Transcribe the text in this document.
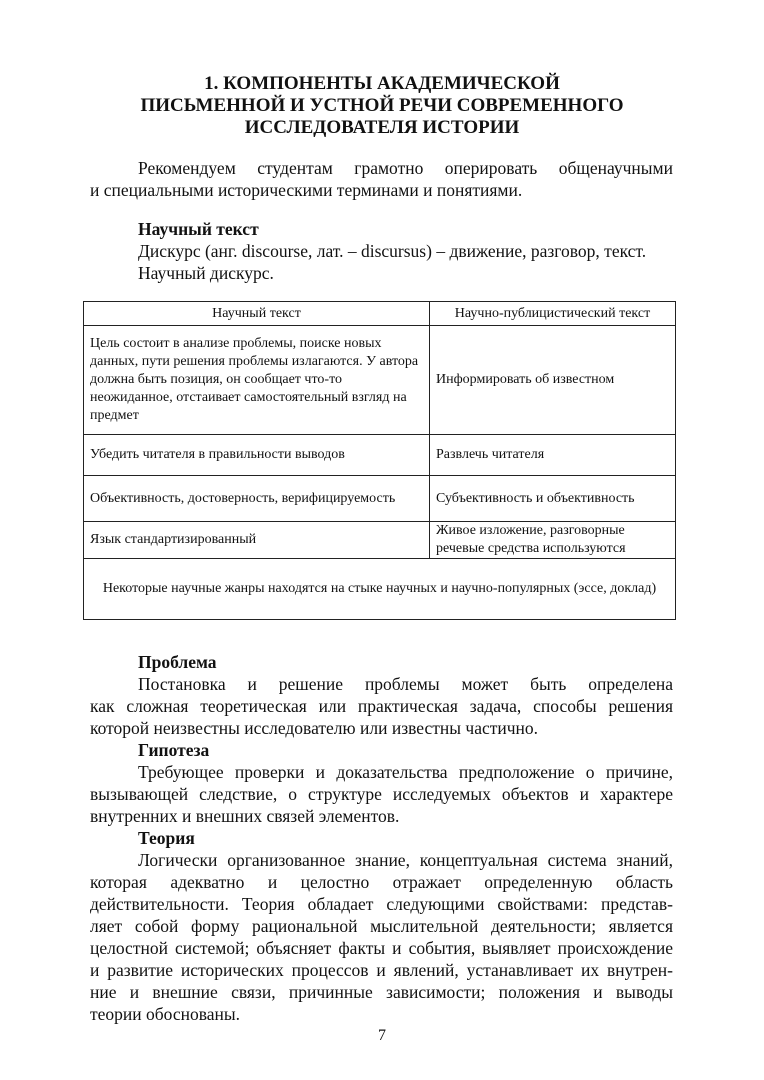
1. КОМПОНЕНТЫ АКАДЕМИЧЕСКОЙ
ПИСЬМЕННОЙ И УСТНОЙ РЕЧИ СОВРЕМЕННОГО
ИССЛЕДОВАТЕЛЯ ИСТОРИИ
Рекомендуем студентам грамотно оперировать общенаучными
и специальными историческими терминами и понятиями.
Научный текст
Дискурс (анг. discourse, лат. – discursus) – движение, разговор, текст.
Научный дискурс.
Научный текст	Научно-публицистический текст
Цель состоит в анализе проблемы, поиске новых данных, пути решения проблемы излагаются. У автора должна быть позиция, он сообщает что-то неожиданное, отстаивает самостоятельный взгляд на предмет	Информировать об известном
Убедить читателя в правильности выводов	Развлечь читателя
Объективность, достоверность, верифицируемость	Субъективность и объективность
Язык стандартизированный	Живое изложение, разговорные речевые средства используются
Некоторые научные жанры находятся на стыке научных и научно-популярных (эссе, доклад)	
Проблема
Постановка и решение проблемы может быть определена
как сложная теоретическая или практическая задача, способы решения
которой неизвестны исследователю или известны частично.
Гипотеза
Требующее проверки и доказательства предположение о причине,
вызывающей следствие, о структуре исследуемых объектов и характере
внутренних и внешних связей элементов.
Теория
Логически организованное знание, концептуальная система знаний,
которая адекватно и целостно отражает определенную область
действительности. Теория обладает следующими свойствами: представ-
ляет собой форму рациональной мыслительной деятельности; является
целостной системой; объясняет факты и события, выявляет происхождение
и развитие исторических процессов и явлений, устанавливает их внутрен-
ние и внешние связи, причинные зависимости; положения и выводы
теории обоснованы.
7
